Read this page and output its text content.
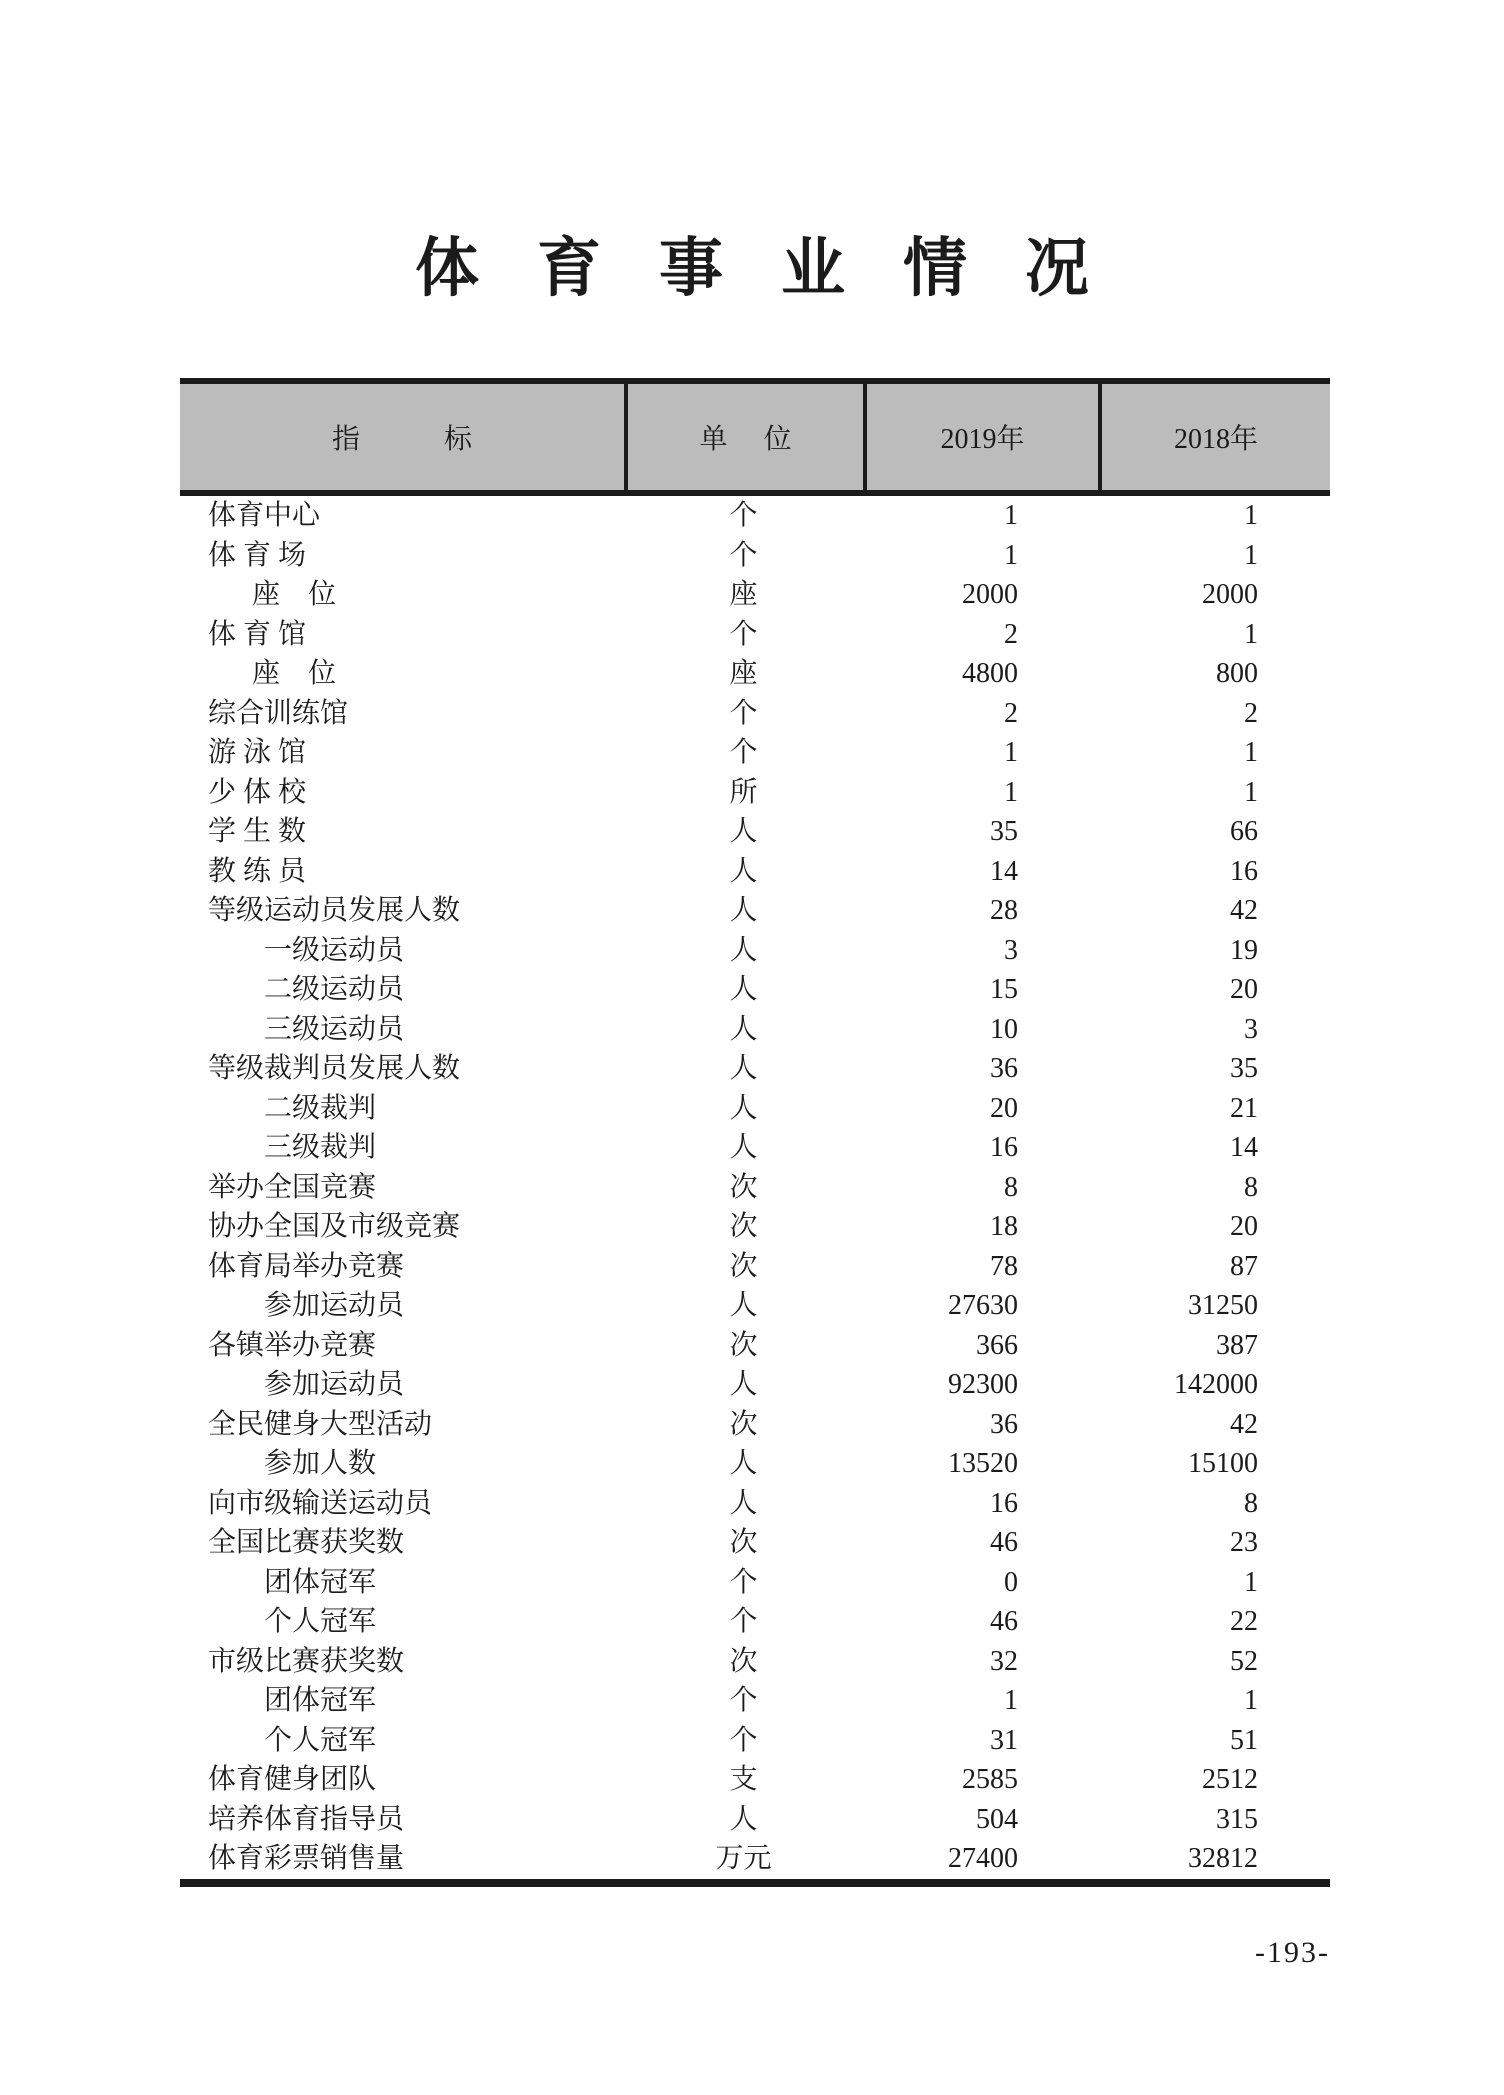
体育事业情况
指标	单位	2019年	2018年
体育中心	个	1	1
体 育 场	个	1	1
座　位	座	2000	2000
体 育 馆	个	2	1
座　位	座	4800	800
综合训练馆	个	2	2
游 泳 馆	个	1	1
少 体 校	所	1	1
学 生 数	人	35	66
教 练 员	人	14	16
等级运动员发展人数	人	28	42
一级运动员	人	3	19
二级运动员	人	15	20
三级运动员	人	10	3
等级裁判员发展人数	人	36	35
二级裁判	人	20	21
三级裁判	人	16	14
举办全国竞赛	次	8	8
协办全国及市级竞赛	次	18	20
体育局举办竞赛	次	78	87
参加运动员	人	27630	31250
各镇举办竞赛	次	366	387
参加运动员	人	92300	142000
全民健身大型活动	次	36	42
参加人数	人	13520	15100
向市级输送运动员	人	16	8
全国比赛获奖数	次	46	23
团体冠军	个	0	1
个人冠军	个	46	22
市级比赛获奖数	次	32	52
团体冠军	个	1	1
个人冠军	个	31	51
体育健身团队	支	2585	2512
培养体育指导员	人	504	315
体育彩票销售量	万元	27400	32812
-193-
